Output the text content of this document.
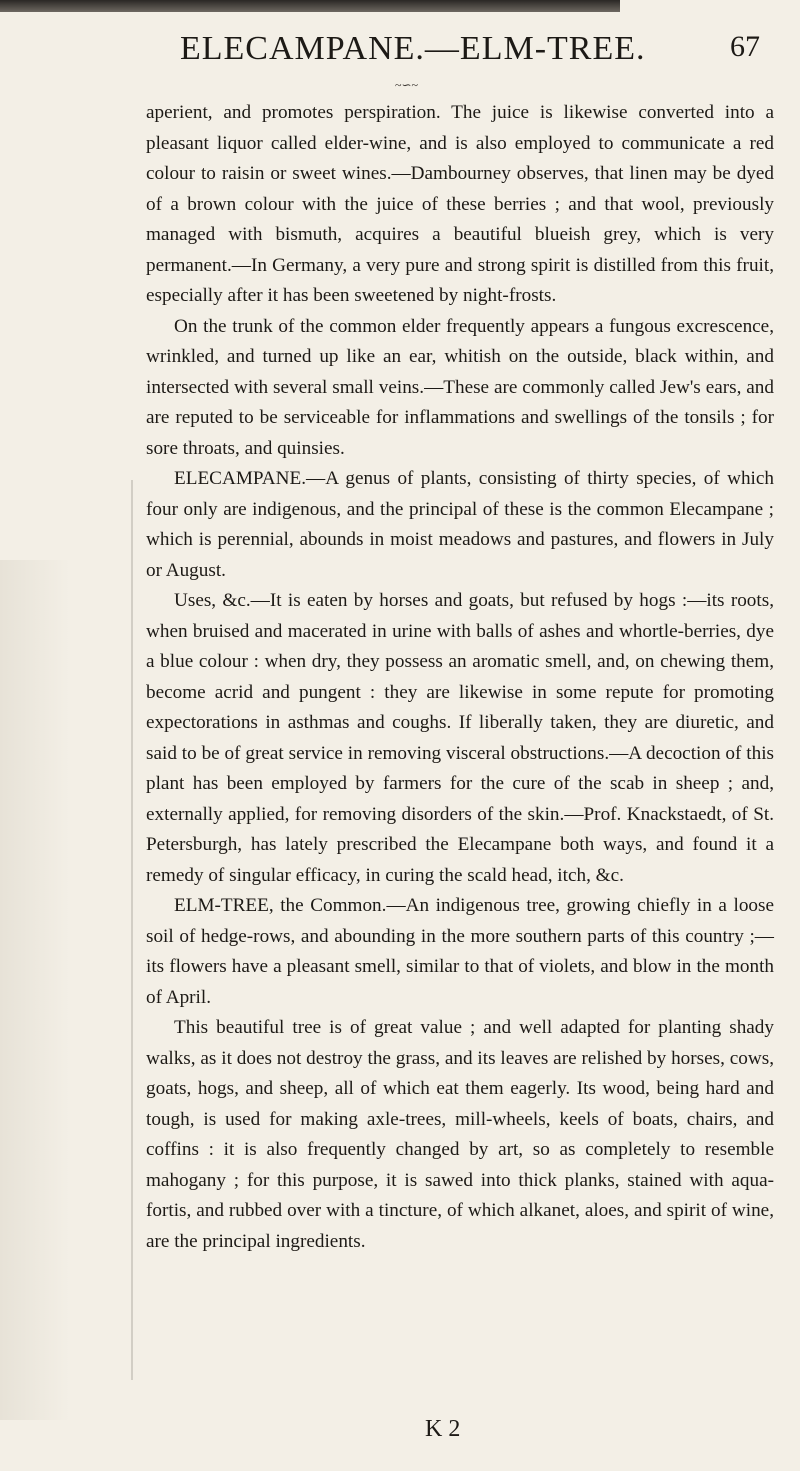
ELECAMPANE.—ELM-TREE.	67
~∽~

aperient, and promotes perspiration. The juice is likewise converted into a pleasant liquor called elder-wine, and is also employed to communicate a red colour to raisin or sweet wines.—Dambourney observes, that linen may be dyed of a brown colour with the juice of these berries ; and that wool, previously managed with bismuth, acquires a beautiful blueish grey, which is very permanent.—In Germany, a very pure and strong spirit is distilled from this fruit, especially after it has been sweetened by night-frosts.

On the trunk of the common elder frequently appears a fungous excrescence, wrinkled, and turned up like an ear, whitish on the outside, black within, and intersected with several small veins.—These are commonly called Jew's ears, and are reputed to be serviceable for inflammations and swellings of the tonsils ; for sore throats, and quinsies.

ELECAMPANE.—A genus of plants, consisting of thirty species, of which four only are indigenous, and the principal of these is the common Elecampane ; which is perennial, abounds in moist meadows and pastures, and flowers in July or August.

Uses, &c.—It is eaten by horses and goats, but refused by hogs :—its roots, when bruised and macerated in urine with balls of ashes and whortle-berries, dye a blue colour : when dry, they possess an aromatic smell, and, on chewing them, become acrid and pungent : they are likewise in some repute for promoting expectorations in asthmas and coughs. If liberally taken, they are diuretic, and said to be of great service in removing visceral obstructions.—A decoction of this plant has been employed by farmers for the cure of the scab in sheep ; and, externally applied, for removing disorders of the skin.—Prof. Knackstaedt, of St. Petersburgh, has lately prescribed the Elecampane both ways, and found it a remedy of singular efficacy, in curing the scald head, itch, &c.

ELM-TREE, the Common.—An indigenous tree, growing chiefly in a loose soil of hedge-rows, and abounding in the more southern parts of this country ;—its flowers have a pleasant smell, similar to that of violets, and blow in the month of April.

This beautiful tree is of great value ; and well adapted for planting shady walks, as it does not destroy the grass, and its leaves are relished by horses, cows, goats, hogs, and sheep, all of which eat them eagerly. Its wood, being hard and tough, is used for making axle-trees, mill-wheels, keels of boats, chairs, and coffins : it is also frequently changed by art, so as completely to resemble mahogany ; for this purpose, it is sawed into thick planks, stained with aqua-fortis, and rubbed over with a tincture, of which alkanet, aloes, and spirit of wine, are the principal ingredients.

K 2
